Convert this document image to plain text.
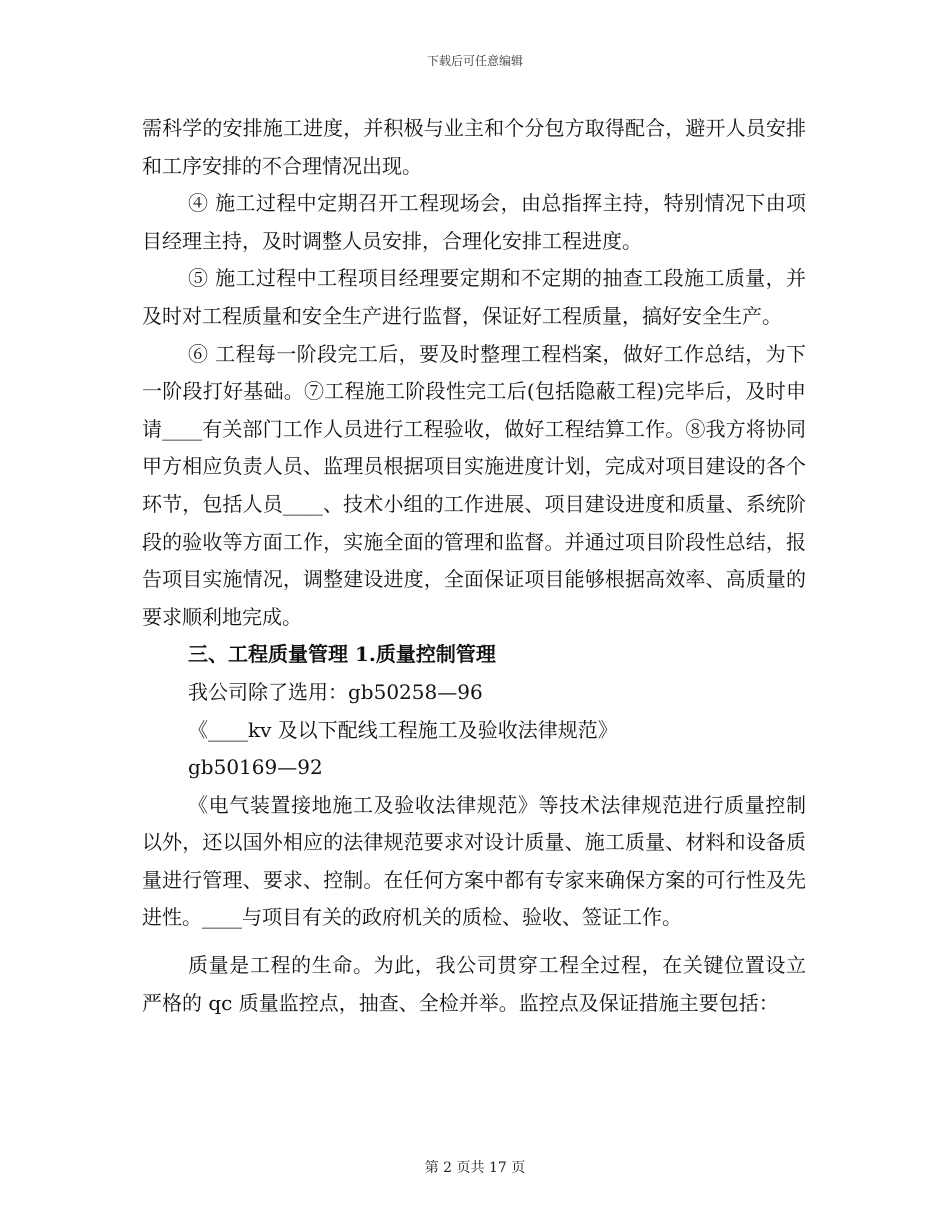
下载后可任意编辑

需科学的安排施工进度，并积极与业主和个分包方取得配合，避开人员安排和工序安排的不合理情况出现。

④ 施工过程中定期召开工程现场会，由总指挥主持，特别情况下由项目经理主持，及时调整人员安排，合理化安排工程进度。

⑤ 施工过程中工程项目经理要定期和不定期的抽查工段施工质量，并及时对工程质量和安全生产进行监督，保证好工程质量，搞好安全生产。

⑥ 工程每一阶段完工后，要及时整理工程档案，做好工作总结，为下一阶段打好基础。⑦工程施工阶段性完工后(包括隐蔽工程)完毕后，及时申请____有关部门工作人员进行工程验收，做好工程结算工作。⑧我方将协同甲方相应负责人员、监理员根据项目实施进度计划，完成对项目建设的各个环节，包括人员____、技术小组的工作进展、项目建设进度和质量、系统阶段的验收等方面工作，实施全面的管理和监督。并通过项目阶段性总结，报告项目实施情况，调整建设进度，全面保证项目能够根据高效率、高质量的要求顺利地完成。

三、工程质量管理 1.质量控制管理

我公司除了选用：gb50258—96

《____kv 及以下配线工程施工及验收法律规范》

gb50169—92

《电气装置接地施工及验收法律规范》等技术法律规范进行质量控制以外，还以国外相应的法律规范要求对设计质量、施工质量、材料和设备质量进行管理、要求、控制。在任何方案中都有专家来确保方案的可行性及先进性。____与项目有关的政府机关的质检、验收、签证工作。

质量是工程的生命。为此，我公司贯穿工程全过程，在关键位置设立严格的 qc 质量监控点，抽查、全检并举。监控点及保证措施主要包括：

第 2 页共 17 页
